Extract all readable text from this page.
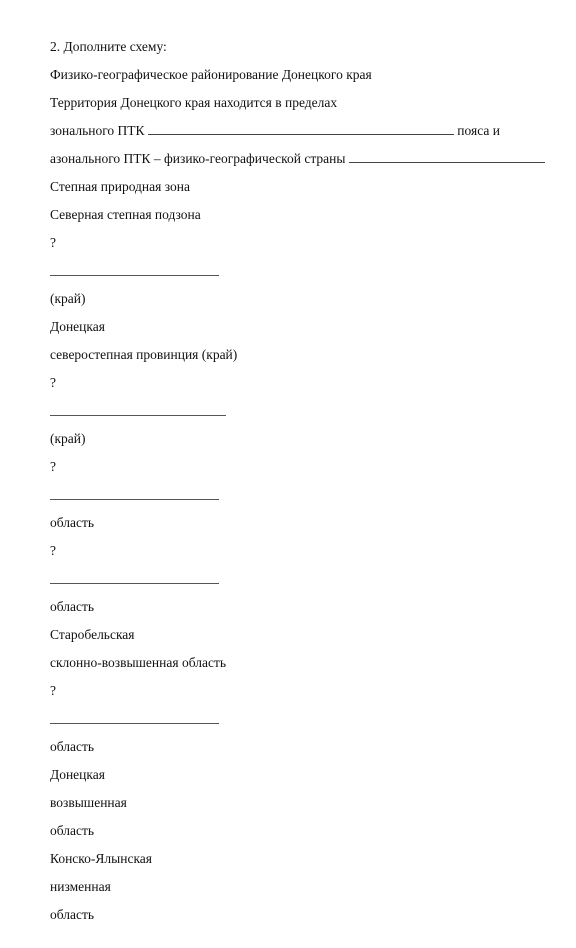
2. Дополните схему:
Физико-географическое районирование Донецкого края
Территория Донецкого края находится в пределах
зонального ПТК	пояса и
азонального ПТК – физико-географической страны
Степная природная зона
Северная степная подзона
?
(край)
Донецкая
северостепная провинция (край)
?
(край)
?
область
?
область
Старобельская
склонно-возвышенная область
?
область
Донецкая
возвышенная
область
Конско-Ялынская
низменная
область
